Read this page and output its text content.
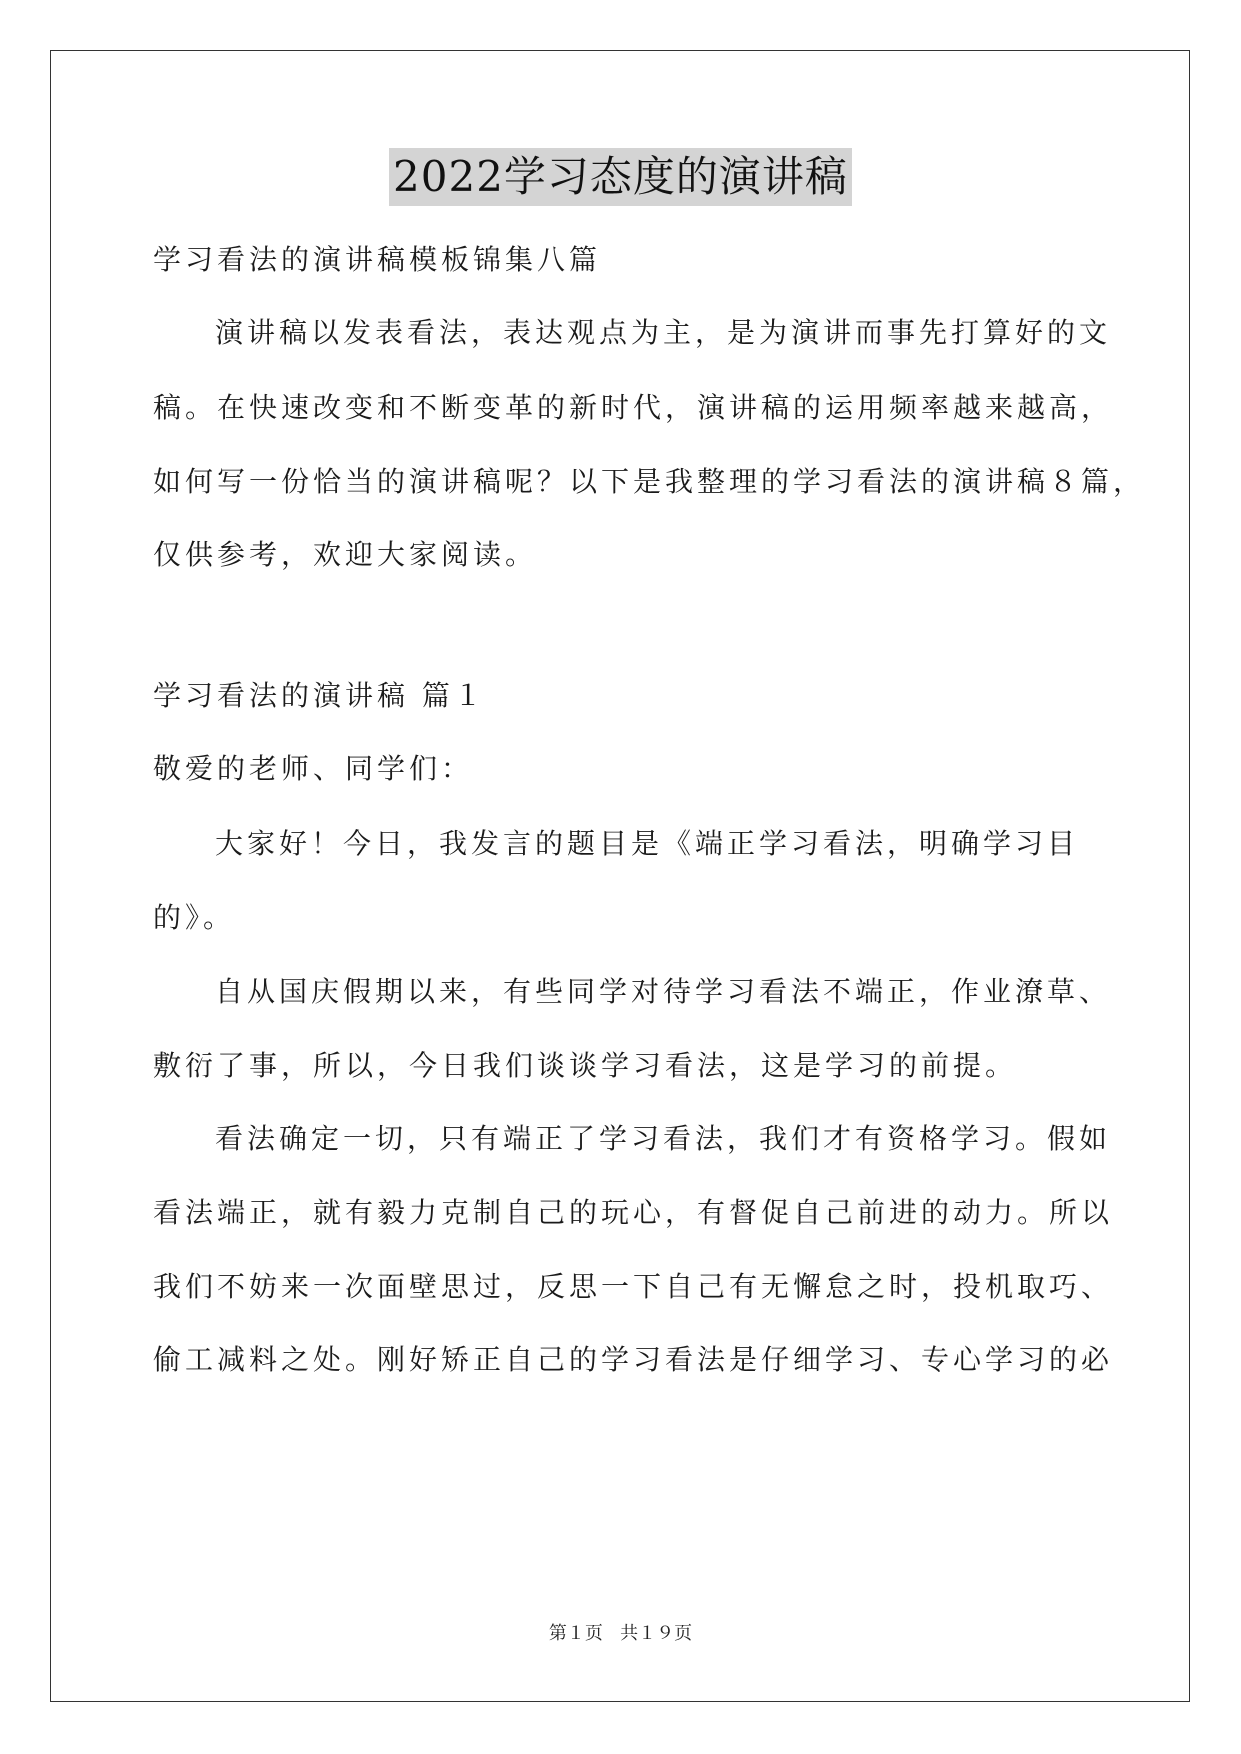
2022学习态度的演讲稿
学习看法的演讲稿模板锦集八篇
演讲稿以发表看法，表达观点为主，是为演讲而事先打算好的文
稿。在快速改变和不断变革的新时代，演讲稿的运用频率越来越高，
如何写一份恰当的演讲稿呢？以下是我整理的学习看法的演讲稿８篇，
仅供参考，欢迎大家阅读。
学习看法的演讲稿 篇１
敬爱的老师、同学们：
大家好！今日，我发言的题目是《端正学习看法，明确学习目
的》。
自从国庆假期以来，有些同学对待学习看法不端正，作业潦草、
敷衍了事，所以，今日我们谈谈学习看法，这是学习的前提。
看法确定一切，只有端正了学习看法，我们才有资格学习。假如
看法端正，就有毅力克制自己的玩心，有督促自己前进的动力。所以
我们不妨来一次面壁思过，反思一下自己有无懈怠之时，投机取巧、
偷工减料之处。刚好矫正自己的学习看法是仔细学习、专心学习的必
第１页   共１９页
